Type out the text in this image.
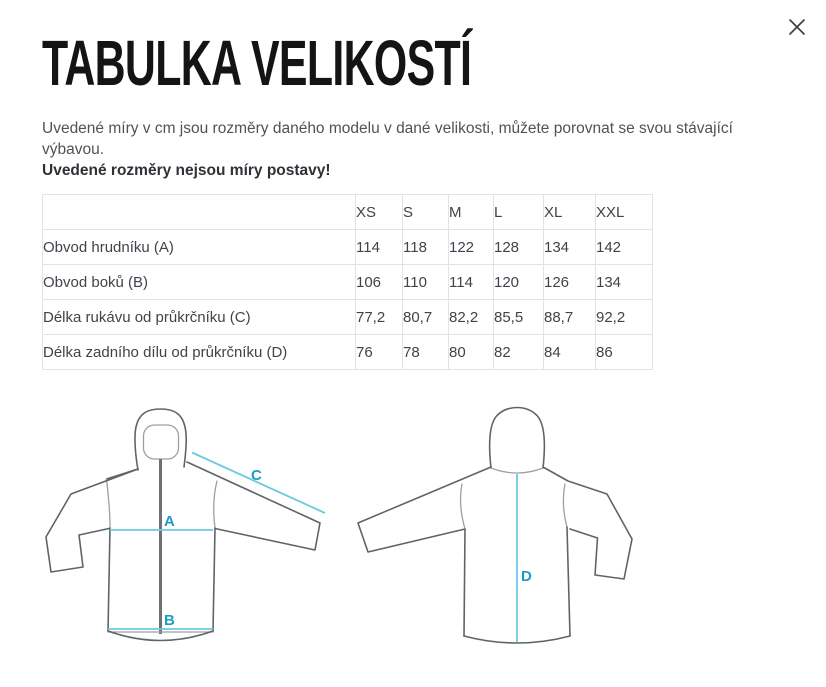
TABULKA VELIKOSTÍ
Uvedené míry v cm jsou rozměry daného modelu v dané velikosti, můžete porovnat se svou stávající výbavou.
Uvedené rozměry nejsou míry postavy!
	XS	S	M	L	XL	XXL
Obvod hrudníku (A)	114	118	122	128	134	142
Obvod boků (B)	106	110	114	120	126	134
Délka rukávu od průkrčníku (C)	77,2	80,7	82,2	85,5	88,7	92,2
Délka zadního dílu od průkrčníku (D)	76	78	80	82	84	86
A
B
C
D
